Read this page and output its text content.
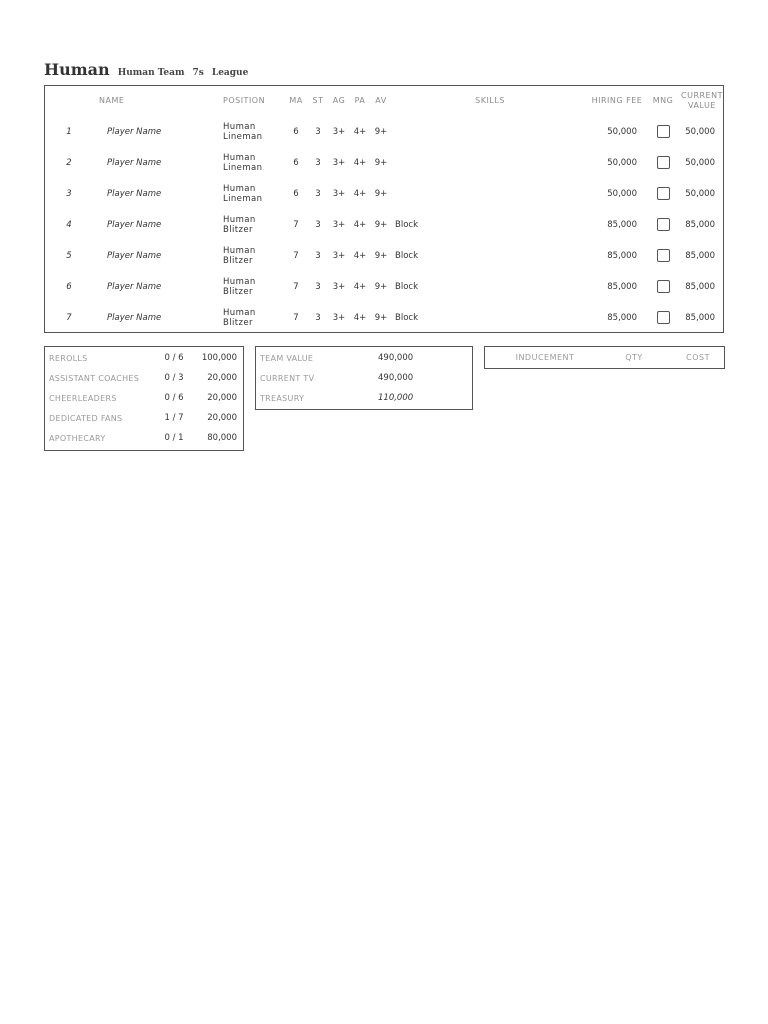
Human Human Team 7s League
	NAME	POSITION	MA	ST	AG	PA	AV	SKILLS	HIRING FEE	MNG	CURRENT VALUE
1	Player Name	Human Lineman	6	3	3+	4+	9+		50,000		50,000
2	Player Name	Human Lineman	6	3	3+	4+	9+		50,000		50,000
3	Player Name	Human Lineman	6	3	3+	4+	9+		50,000		50,000
4	Player Name	Human Blitzer	7	3	3+	4+	9+	Block	85,000		85,000
5	Player Name	Human Blitzer	7	3	3+	4+	9+	Block	85,000		85,000
6	Player Name	Human Blitzer	7	3	3+	4+	9+	Block	85,000		85,000
7	Player Name	Human Blitzer	7	3	3+	4+	9+	Block	85,000		85,000
REROLLS	0 / 6	100,000
ASSISTANT COACHES	0 / 3	20,000
CHEERLEADERS	0 / 6	20,000
DEDICATED FANS	1 / 7	20,000
APOTHECARY	0 / 1	80,000
TEAM VALUE	490,000
CURRENT TV	490,000
TREASURY	110,000
INDUCEMENT	QTY	COST
